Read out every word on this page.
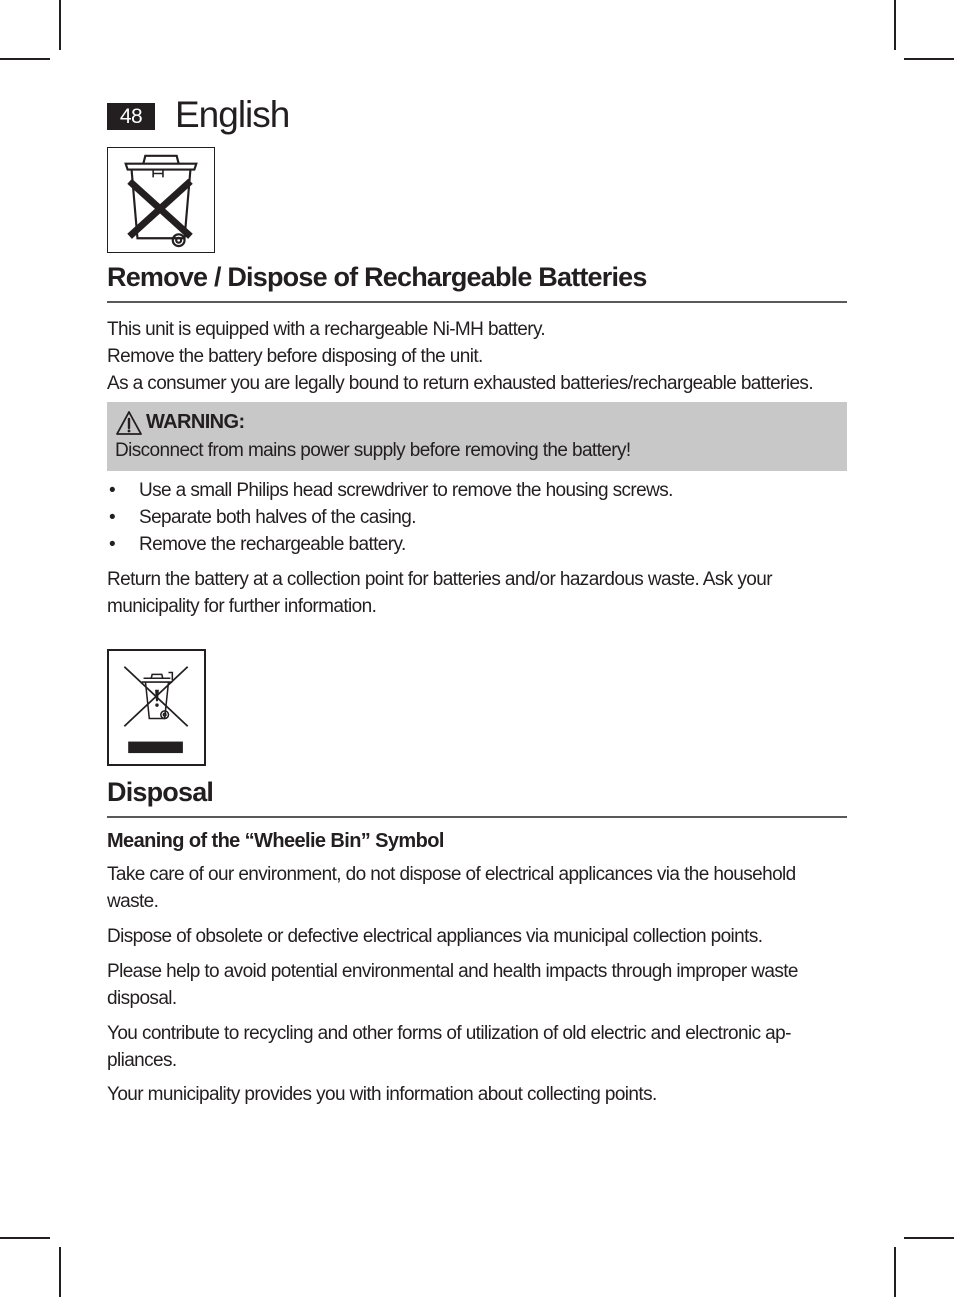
48 English
Remove / Dispose of Rechargeable Batteries

This unit is equipped with a rechargeable Ni-MH battery.
Remove the battery before disposing of the unit.
As a consumer you are legally bound to return exhausted batteries/rechargeable batteries.

WARNING:
Disconnect from mains power supply before removing the battery!
• Use a small Philips head screwdriver to remove the housing screws.
• Separate both halves of the casing.
• Remove the rechargeable battery.

Return the battery at a collection point for batteries and/or hazardous waste. Ask your
municipality for further information.

Disposal
Meaning of the “Wheelie Bin” Symbol

Take care of our environment, do not dispose of electrical applicances via the household
waste.

Dispose of obsolete or defective electrical appliances via municipal collection points.

Please help to avoid potential environmental and health impacts through improper waste
disposal.

You contribute to recycling and other forms of utilization of old electric and electronic ap-
pliances.

Your municipality provides you with information about collecting points.
